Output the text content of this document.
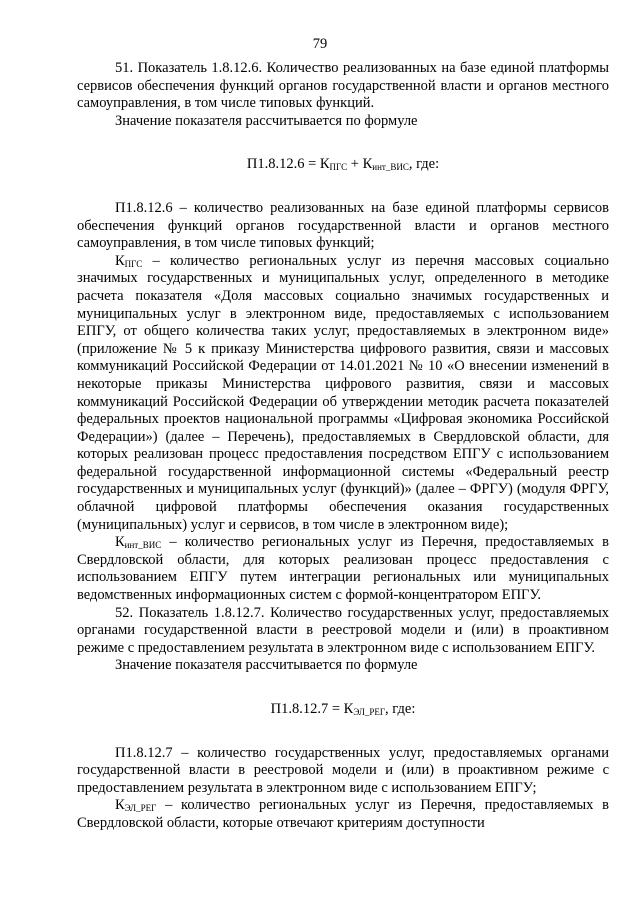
79

51. Показатель 1.8.12.6. Количество реализованных на базе единой платформы сервисов обеспечения функций органов государственной власти и органов местного самоуправления, в том числе типовых функций.

Значение показателя рассчитывается по формуле

$П1.8.12.6 = К_{ПГС} + К_{инт\_ВИС}$, где:

П1.8.12.6 – количество реализованных на базе единой платформы сервисов обеспечения функций органов государственной власти и органов местного самоуправления, в том числе типовых функций;

$К_{ПГС}$ – количество региональных услуг из перечня массовых социально значимых государственных и муниципальных услуг, определенного в методике расчета показателя «Доля массовых социально значимых государственных и муниципальных услуг в электронном виде, предоставляемых с использованием ЕПГУ, от общего количества таких услуг, предоставляемых в электронном виде» (приложение № 5 к приказу Министерства цифрового развития, связи и массовых коммуникаций Российской Федерации от 14.01.2021 № 10 «О внесении изменений в некоторые приказы Министерства цифрового развития, связи и массовых коммуникаций Российской Федерации об утверждении методик расчета показателей федеральных проектов национальной программы «Цифровая экономика Российской Федерации») (далее – Перечень), предоставляемых в Свердловской области, для которых реализован процесс предоставления посредством ЕПГУ с использованием федеральной государственной информационной системы «Федеральный реестр государственных и муниципальных услуг (функций)» (далее – ФРГУ) (модуля ФРГУ, облачной цифровой платформы обеспечения оказания государственных (муниципальных) услуг и сервисов, в том числе в электронном виде);

$К_{инт\_ВИС}$ – количество региональных услуг из Перечня, предоставляемых в Свердловской области, для которых реализован процесс предоставления с использованием ЕПГУ путем интеграции региональных или муниципальных ведомственных информационных систем с формой-концентратором ЕПГУ.

52. Показатель 1.8.12.7. Количество государственных услуг, предоставляемых органами государственной власти в реестровой модели и (или) в проактивном режиме с предоставлением результата в электронном виде с использованием ЕПГУ.

Значение показателя рассчитывается по формуле

$П1.8.12.7 = К_{ЭЛ\_РЕГ}$, где:

П1.8.12.7 – количество государственных услуг, предоставляемых органами государственной власти в реестровой модели и (или) в проактивном режиме с предоставлением результата в электронном виде с использованием ЕПГУ;

$К_{ЭЛ\_РЕГ}$ – количество региональных услуг из Перечня, предоставляемых в Свердловской области, которые отвечают критериям доступности
